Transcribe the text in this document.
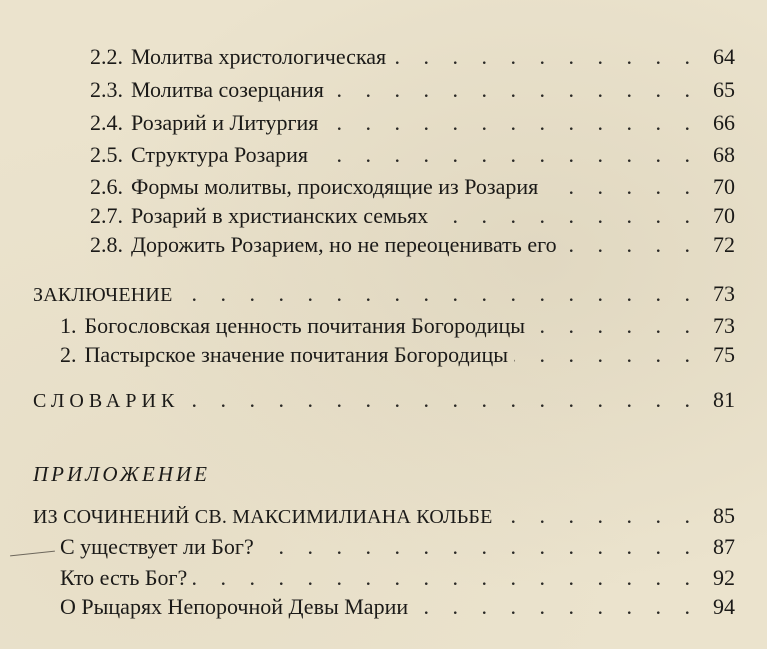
2.2. Молитва христологическая . . .	64
2.3. Молитва созерцания . . .	65
2.4. Розарий и Литургия . . .	66
2.5. Структура Розария . . .	68
2.6. Формы молитвы, происходящие из Розария . . .	70
2.7. Розарий в христианских семьях . . .	70
2.8. Дорожить Розарием, но не переоценивать его . . .	72
ЗАКЛЮЧЕНИЕ . . .	73
1. Богословская ценность почитания Богородицы . . .	73
2. Пастырское значение почитания Богородицы . . .	75
СЛОВАРИК . . .	81
ПРИЛОЖЕНИЕ
ИЗ СОЧИНЕНИЙ СВ. МАКСИМИЛИАНА КОЛЬБЕ . . .	85
С уществует ли Бог? . . .	87
Кто есть Бог? . . .	92
О Рыцарях Непорочной Девы Марии . . .	94
